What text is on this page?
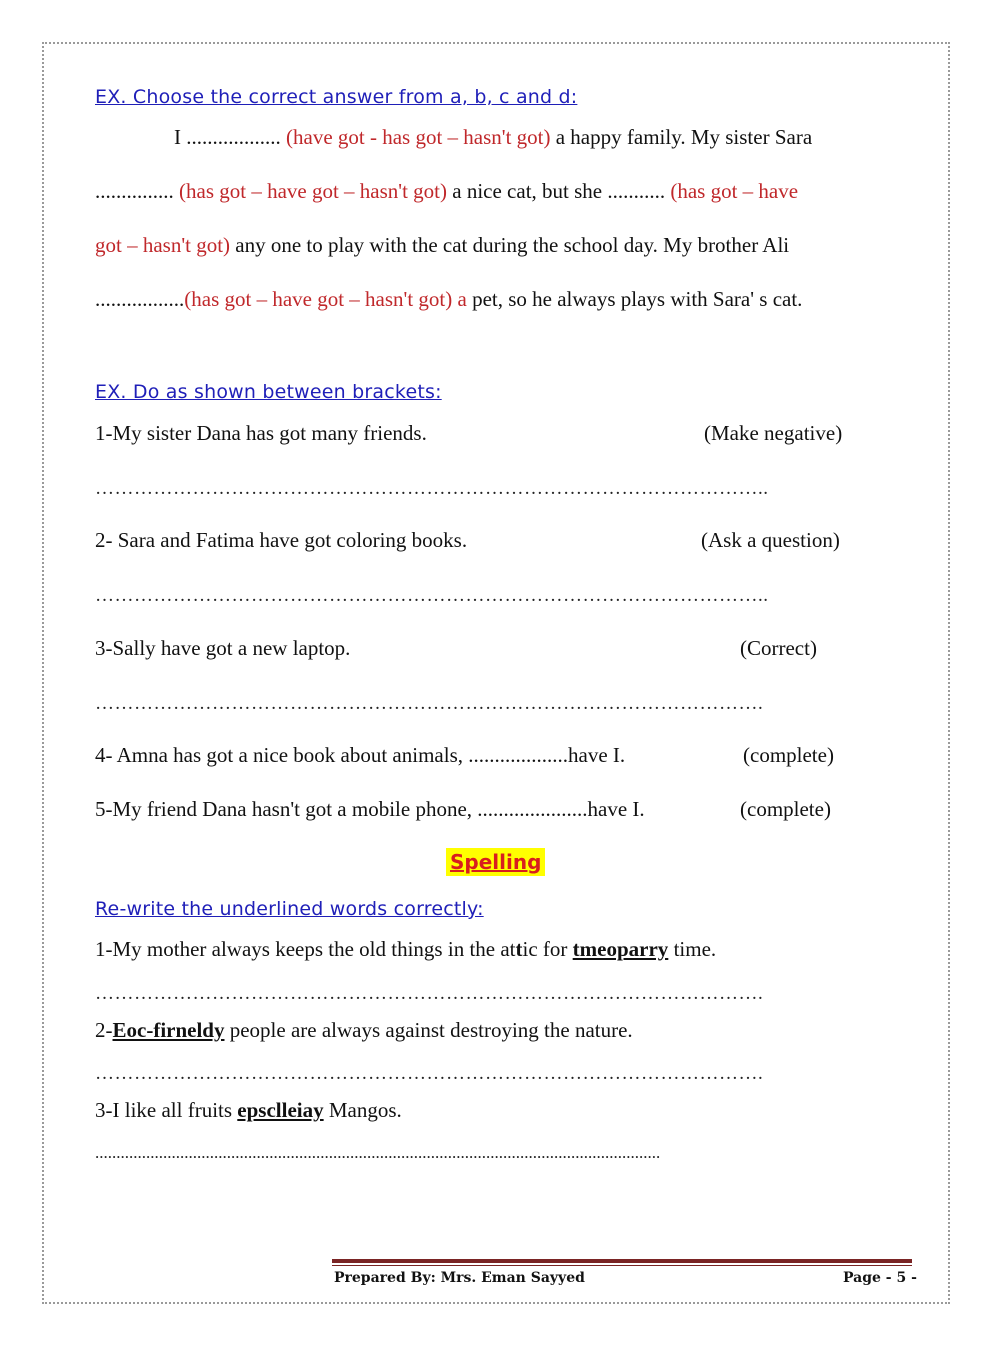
EX. Choose the correct answer from a, b, c and d:
I .................. (have got - has got – hasn't got) a happy family. My sister Sara
............... (has got – have got – hasn't got) a nice cat, but she ........... (has got – have
got – hasn't got) any one to play with the cat during the school day. My brother Ali
.................(has got – have got – hasn't got) a pet, so he always plays with Sara' s cat.
EX. Do as shown between brackets:
1-My sister Dana has got many friends.	(Make negative)
…………………………………………………………………………………………..
2- Sara and Fatima have got coloring books.	(Ask a question)
…………………………………………………………………………………………..
3-Sally have got a new laptop.	(Correct)
………………………………………………………………………………………….
4- Amna has got a nice book about animals, ...................have I.	(complete)
5-My friend Dana hasn't got a mobile phone, .....................have I.	(complete)
Spelling
Re-write the underlined words correctly:
1-My mother always keeps the old things in the attic for tmeoparry time.
………………………………………………………………………………………….
2-Eoc-firneldy people are always against destroying the nature.
………………………………………………………………………………………….
3-I like all fruits epsclleiay Mangos.
.....................................................................................................................................
Prepared By: Mrs. Eman Sayyed	Page - 5 -
